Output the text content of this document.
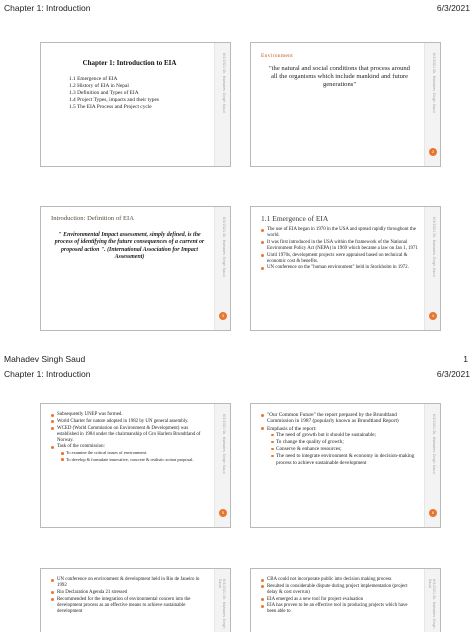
Chapter 1: Introduction	6/3/2021
6/3/2021 Dr. Mahadev Singh Saud
Chapter 1: Introduction to EIA
1.1 Emergence of EIA
1.2 History of EIA in Nepal
1.3 Definition and Types of EIA
1.4 Project Types, impacts and their types
1.5 The EIA Process and Project cycle	6/3/2021 Dr. Mahadev Singh Saud
Environment
"the natural and social conditions that process around all the organisms which include mankind and future generations"
2
6/3/2021 Dr. Mahadev Singh Saud
Introduction: Definition of EIA
" Environmental Impact assessment, simply defined, is the process of identifying the future consequences of a current or proposed action ". (International Association for Impact Assessment)
3
6/3/2021 Dr. Mahadev Singh Saud
1.1 Emergence of EIA
The use of EIA began in 1970 in the USA and spread rapidly throughout the world.
It was first introduced in the USA within the framework of the National Environment Policy Act (NEPA) in 1969 which became a law on Jan 1, 1971
Until 1970s, development projects were appraised based on technical & economic cost & benefits.
UN conference on the "human environment" held in Stockholm in 1972.
4
Mahadev Singh Saud	1
Chapter 1: Introduction	6/3/2021
6/3/2021 Dr. Mahadev Singh Saud
Subsequently UNEP was formed.
World Charter for nature adopted in 1982 by UN general assembly.
WCED (World Commission on Environment & Development) was established in 1984 under the chairmanship of Gro Harlem Brundtland of Norway.
Task of the commission:
To examine the critical issues of environment.
To develop & formulate innovative, concrete & realistic action proposal.
5
6/3/2021 Dr. Mahadev Singh Saud
"Our Common Future" the report prepared by the Brundtland Commission in 1987 (popularly known as Brundtland Report)
Emphasis of the report:
The need of growth but it should be sustainable;
To change the quality of growth;
Conserve & enhance resources;
The need to integrate environment & economy in decision-making process to achieve sustainable development
6
6/3/2021 Dr. Mahadev Singh Saud
UN conference on environment & development held in Rio de Janeiro in 1992
Rio Declaration Agenda 21 stressed
Recommended for the integration of environmental concern into the development process as an effective means to achieve sustainable development	6/3/2021 Dr. Mahadev Singh Saud
CBA could not incorporate public into decision making process
Resulted in considerable dispute during project implementation (project delay & cost overrun)
EIA emerged as a new tool for project evaluation
EIA has proven to be an effective tool in producing projects which have been able to
